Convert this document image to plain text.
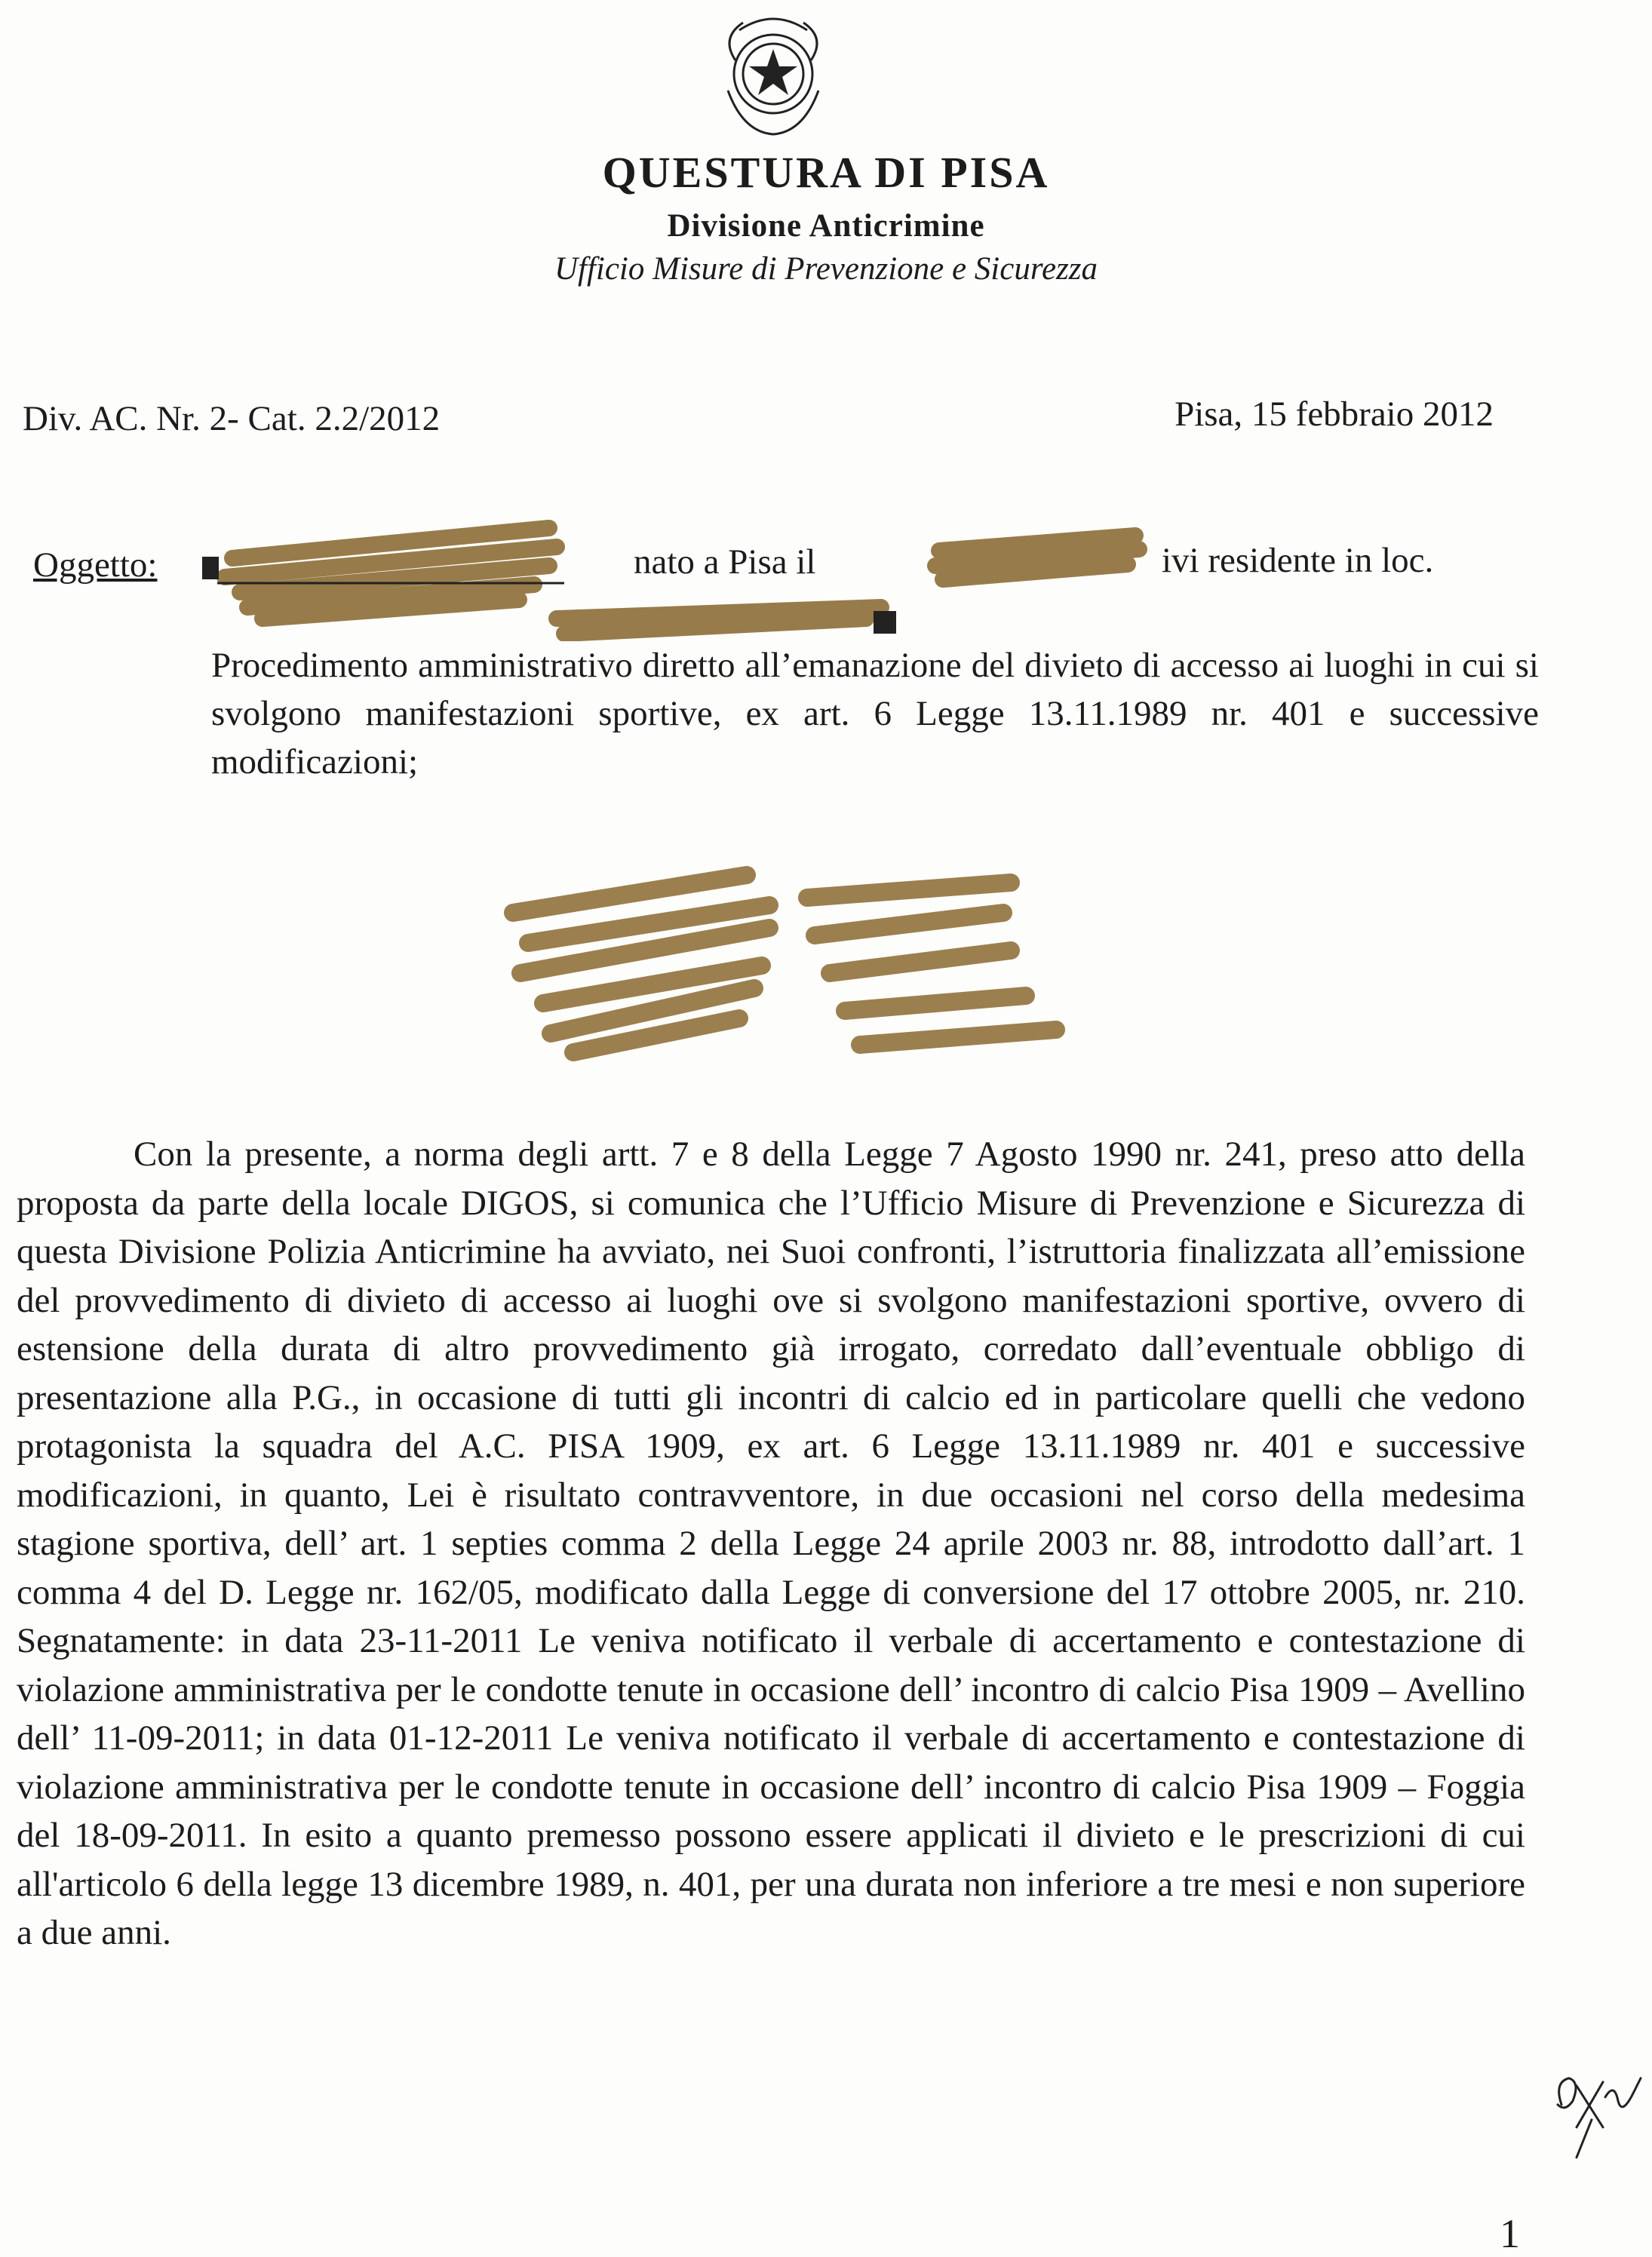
QUESTURA DI PISA
Divisione Anticrimine
Ufficio Misure di Prevenzione e Sicurezza
Div. AC. Nr. 2- Cat. 2.2/2012	Pisa, 15 febbraio 2012
Oggetto:	nato a Pisa il	ivi residente in loc.
Procedimento amministrativo diretto all’emanazione del divieto di accesso ai luoghi in cui si svolgono manifestazioni sportive, ex art. 6 Legge 13.11.1989 nr. 401 e successive modificazioni;
Con la presente, a norma degli artt. 7 e 8 della Legge 7 Agosto 1990 nr. 241, preso atto della proposta da parte della locale DIGOS, si comunica che l’Ufficio Misure di Prevenzione e Sicurezza di questa Divisione Polizia Anticrimine ha avviato, nei Suoi confronti, l’istruttoria finalizzata all’emissione del provvedimento di divieto di accesso ai luoghi ove si svolgono manifestazioni sportive, ovvero di estensione della durata di altro provvedimento già irrogato, corredato dall’eventuale obbligo di presentazione alla P.G., in occasione di tutti gli incontri di calcio ed in particolare quelli che vedono protagonista la squadra del A.C. PISA 1909, ex art. 6 Legge 13.11.1989 nr. 401 e successive modificazioni, in quanto, Lei è risultato contravventore, in due occasioni nel corso della medesima stagione sportiva, dell’ art. 1 septies comma 2 della Legge 24 aprile 2003 nr. 88, introdotto dall’art. 1 comma 4 del D. Legge nr. 162/05, modificato dalla Legge di conversione del 17 ottobre 2005, nr. 210. Segnatamente: in data 23-11-2011 Le veniva notificato il verbale di accertamento e contestazione di violazione amministrativa per le condotte tenute in occasione dell’ incontro di calcio Pisa 1909 – Avellino dell’ 11-09-2011; in data 01-12-2011 Le veniva notificato il verbale di accertamento e contestazione di violazione amministrativa per le condotte tenute in occasione dell’ incontro di calcio Pisa 1909 – Foggia del 18-09-2011. In esito a quanto premesso possono essere applicati il divieto e le prescrizioni di cui all'articolo 6 della legge 13 dicembre 1989, n. 401, per una durata non inferiore a tre mesi e non superiore a due anni.
1
